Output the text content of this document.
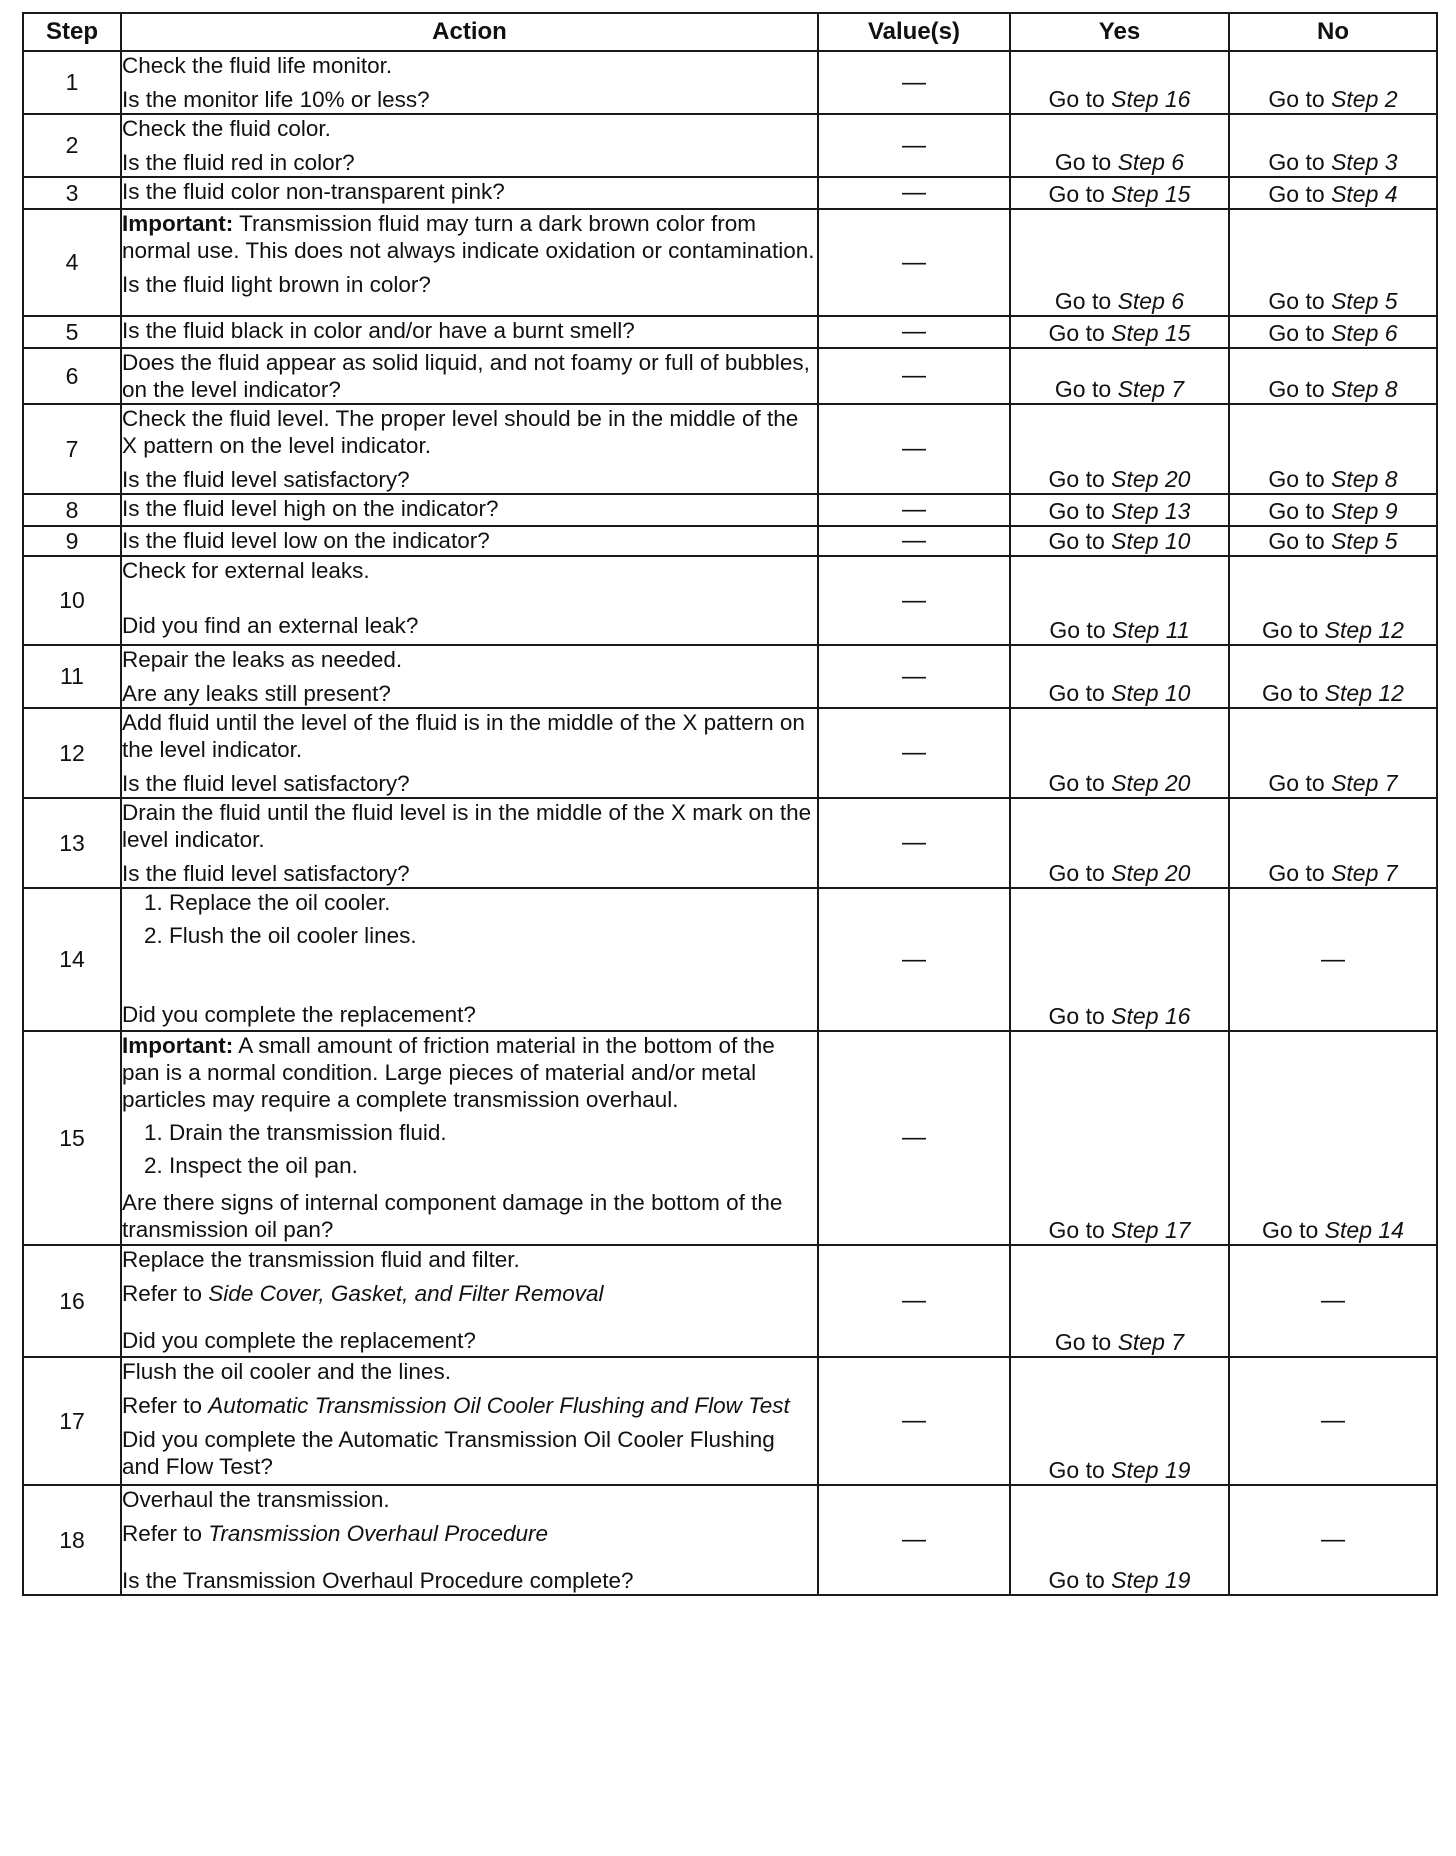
Step	Action	Value(s)	Yes	No
1	Check the fluid life monitor.

Is the monitor life 10% or less?	—	Go to Step 16	Go to Step 2
2	Check the fluid color.

Is the fluid red in color?	—	Go to Step 6	Go to Step 3
3	Is the fluid color non-transparent pink?	—	Go to Step 15	Go to Step 4
4	Important: Transmission fluid may turn a dark brown color from normal use. This does not always indicate oxidation or contamination.

Is the fluid light brown in color?	—	Go to Step 6	Go to Step 5
5	Is the fluid black in color and/or have a burnt smell?	—	Go to Step 15	Go to Step 6
6	Does the fluid appear as solid liquid, and not foamy or full of bubbles, on the level indicator?	—	Go to Step 7	Go to Step 8
7	Check the fluid level. The proper level should be in the middle of the X pattern on the level indicator.

Is the fluid level satisfactory?	—	Go to Step 20	Go to Step 8
8	Is the fluid level high on the indicator?	—	Go to Step 13	Go to Step 9
9	Is the fluid level low on the indicator?	—	Go to Step 10	Go to Step 5
10	Check for external leaks.

Did you find an external leak?	—	Go to Step 11	Go to Step 12
11	Repair the leaks as needed.

Are any leaks still present?	—	Go to Step 10	Go to Step 12
12	Add fluid until the level of the fluid is in the middle of the X pattern on the level indicator.

Is the fluid level satisfactory?	—	Go to Step 20	Go to Step 7
13	Drain the fluid until the fluid level is in the middle of the X mark on the level indicator.

Is the fluid level satisfactory?	—	Go to Step 20	Go to Step 7
14	1. Replace the oil cooler.

2. Flush the oil cooler lines.

Did you complete the replacement?	—	Go to Step 16	—
15	Important: A small amount of friction material in the bottom of the pan is a normal condition. Large pieces of material and/or metal particles may require a complete transmission overhaul.

1. Drain the transmission fluid.

2. Inspect the oil pan.

Are there signs of internal component damage in the bottom of the transmission oil pan?	—	Go to Step 17	Go to Step 14
16	Replace the transmission fluid and filter.

Refer to Side Cover, Gasket, and Filter Removal

Did you complete the replacement?	—	Go to Step 7	—
17	Flush the oil cooler and the lines.

Refer to Automatic Transmission Oil Cooler Flushing and Flow Test

Did you complete the Automatic Transmission Oil Cooler Flushing and Flow Test?	—	Go to Step 19	—
18	Overhaul the transmission.

Refer to Transmission Overhaul Procedure

Is the Transmission Overhaul Procedure complete?	—	Go to Step 19	—
